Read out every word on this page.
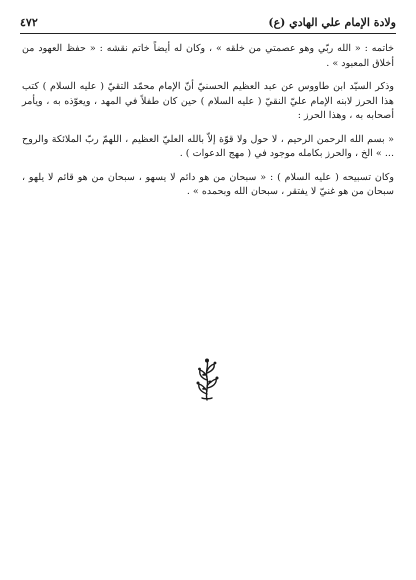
ولادة الإمام علي الهادي (ع)
٤٧٢

خاتمه : « الله ربّي وهو عصمتي من خلقه » ، وكان له أيضاً خاتم نقشه : « حفظ العهود من أخلاق المعبود » .

وذكر السيّد ابن طاووس عن عبد العظيم الحسنيّ أنّ الإمام محمّد التقيّ ( عليه السلام ) كتب هذا الحرز لابنه الإمام عليّ النقيّ ( عليه السلام ) حين كان طفلاً في المهد ، ويعوّذه به ، ويأمر أصحابه به ، وهذا الحرز :

« بسم الله الرحمن الرحيم ، لا حول ولا قوّة إلاّ بالله العليّ العظيم ، اللهمّ ربّ الملائكة والروح ... » الخ ، والحرز بكامله موجود في ( مهج الدعوات ) .

وكان تسبيحه ( عليه السلام ) : « سبحان من هو دائم لا يسهو ، سبحان من هو قائم لا يلهو ، سبحان من هو غنيّ لا يفتقر ، سبحان الله وبحمده » .
